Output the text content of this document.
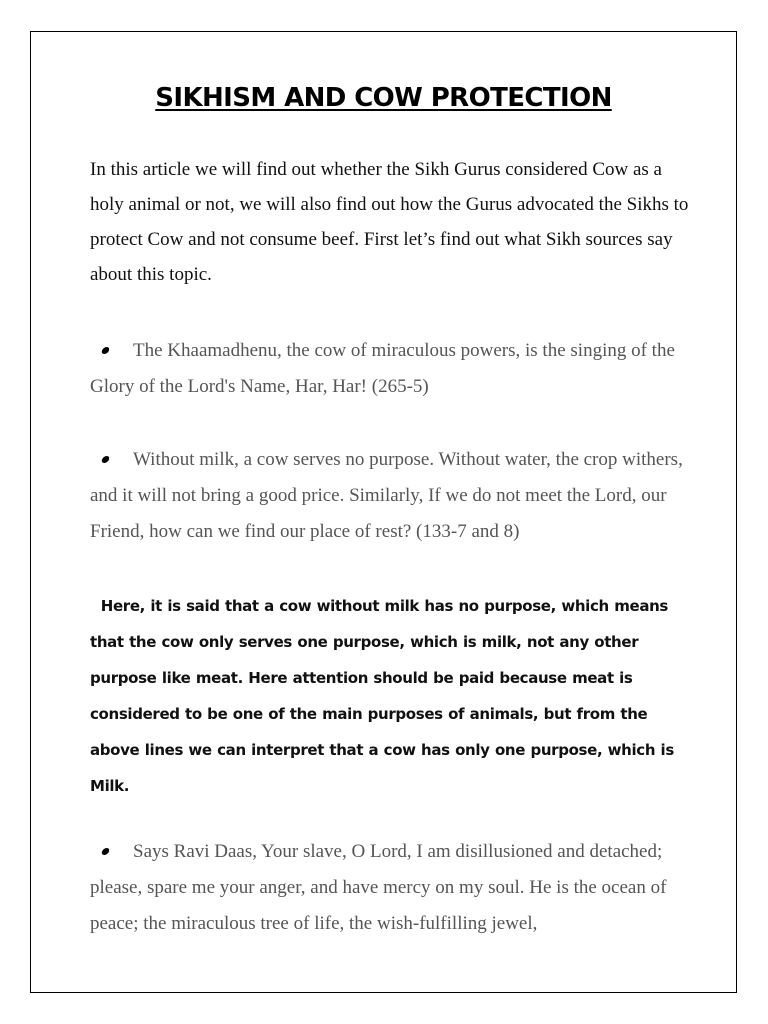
SIKHISM AND COW PROTECTION
In this article we will find out whether the Sikh Gurus considered Cow as a holy animal or not, we will also find out how the Gurus advocated the Sikhs to protect Cow and not consume beef. First let’s find out what Sikh sources say about this topic.
The Khaamadhenu, the cow of miraculous powers, is the singing of the Glory of the Lord's Name, Har, Har! (265-5)
Without milk, a cow serves no purpose. Without water, the crop withers, and it will not bring a good price. Similarly, If we do not meet the Lord, our Friend, how can we find our place of rest? (133-7 and 8)
Here, it is said that a cow without milk has no purpose, which means that the cow only serves one purpose, which is milk, not any other purpose like meat. Here attention should be paid because meat is considered to be one of the main purposes of animals, but from the above lines we can interpret that a cow has only one purpose, which is Milk.
Says Ravi Daas, Your slave, O Lord, I am disillusioned and detached; please, spare me your anger, and have mercy on my soul. He is the ocean of peace; the miraculous tree of life, the wish-fulfilling jewel,
